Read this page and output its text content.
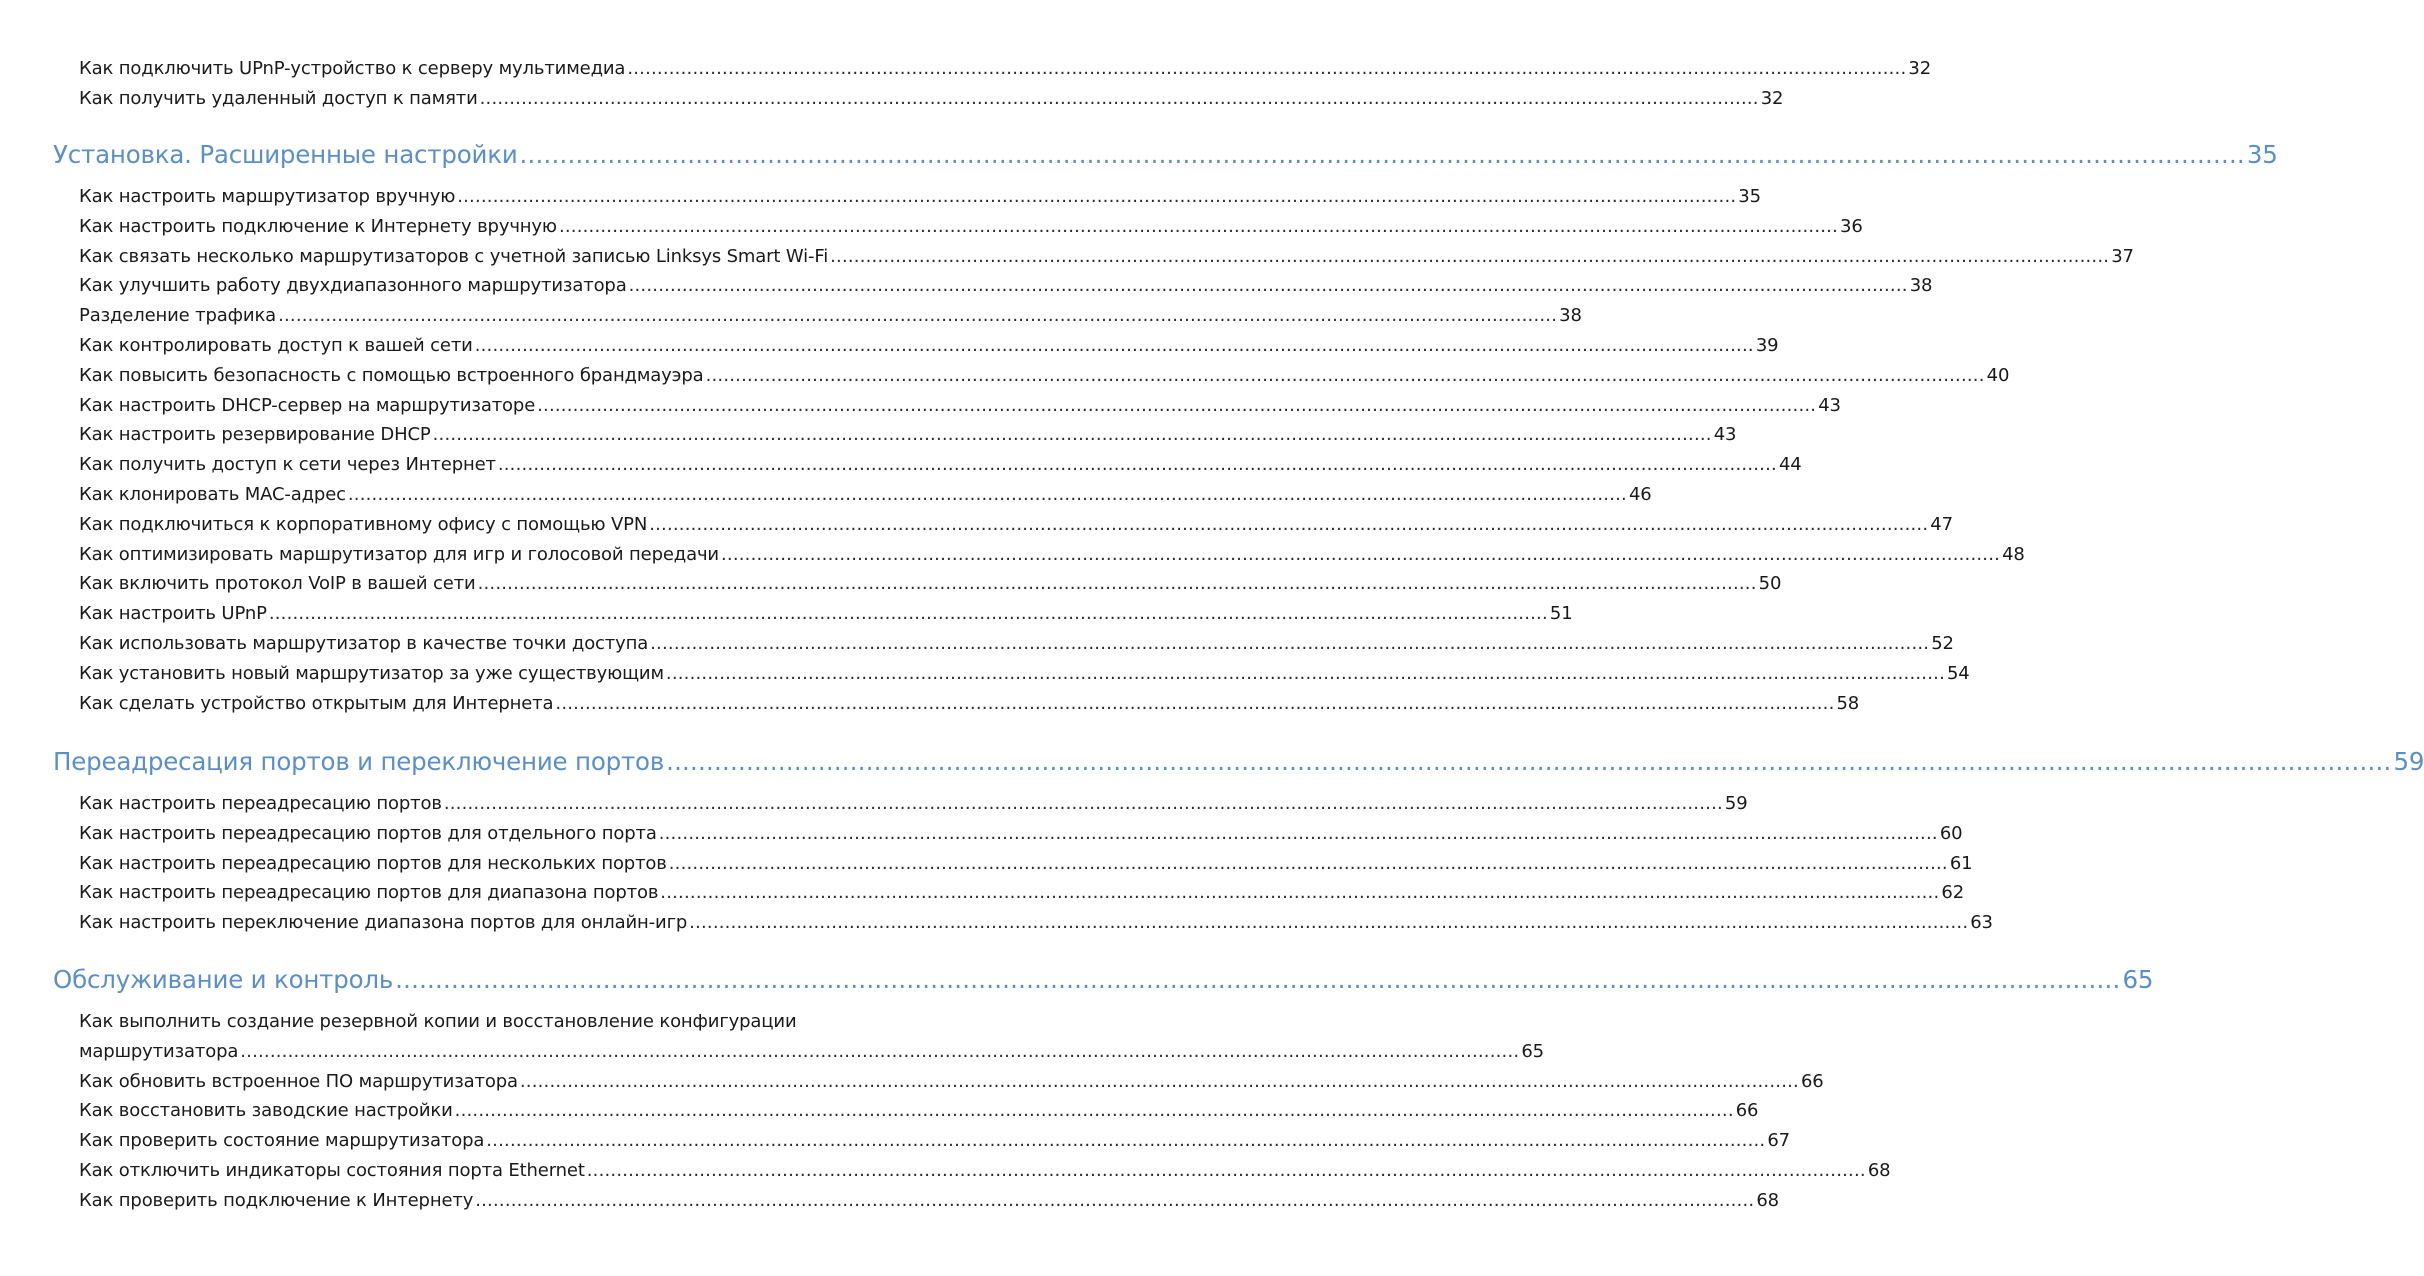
Как подключить UPnP-устройство к серверу мультимедиа .....	32
Как получить удаленный доступ к памяти .....	32
Установка. Расширенные настройки .....	35
Как настроить маршрутизатор вручную .....	35
Как настроить подключение к Интернету вручную .....	36
Как связать несколько маршрутизаторов с учетной записью Linksys Smart Wi-Fi .....	37
Как улучшить работу двухдиапазонного маршрутизатора .....	38
Разделение трафика .....	38
Как контролировать доступ к вашей сети .....	39
Как повысить безопасность с помощью встроенного брандмауэра .....	40
Как настроить DHCP-сервер на маршрутизаторе .....	43
Как настроить резервирование DHCP .....	43
Как получить доступ к сети через Интернет .....	44
Как клонировать MAC-адрес .....	46
Как подключиться к корпоративному офису с помощью VPN .....	47
Как оптимизировать маршрутизатор для игр и голосовой передачи .....	48
Как включить протокол VoIP в вашей сети .....	50
Как настроить UPnP .....	51
Как использовать маршрутизатор в качестве точки доступа .....	52
Как установить новый маршрутизатор за уже существующим .....	54
Как сделать устройство открытым для Интернета .....	58
Переадресация портов и переключение портов .....	59
Как настроить переадресацию портов .....	59
Как настроить переадресацию портов для отдельного порта .....	60
Как настроить переадресацию портов для нескольких портов .....	61
Как настроить переадресацию портов для диапазона портов .....	62
Как настроить переключение диапазона портов для онлайн-игр .....	63
Обслуживание и контроль .....	65
Как выполнить создание резервной копии и восстановление конфигурации
маршрутизатора .....	65
Как обновить встроенное ПО маршрутизатора .....	66
Как восстановить заводские настройки .....	66
Как проверить состояние маршрутизатора .....	67
Как отключить индикаторы состояния порта Ethernet .....	68
Как проверить подключение к Интернету .....	68
